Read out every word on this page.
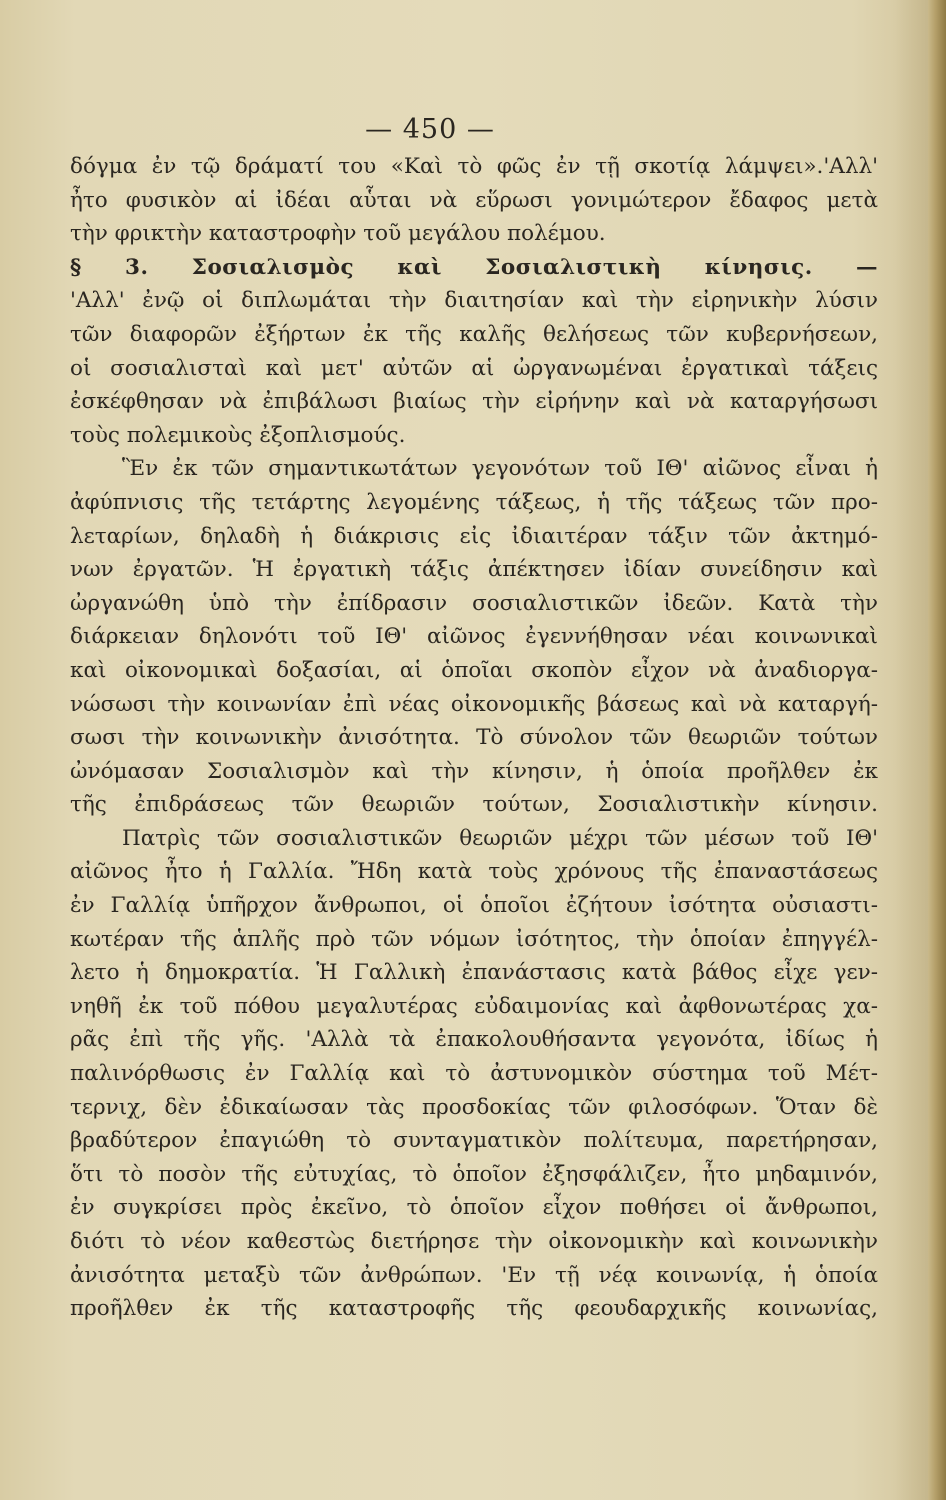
— 450 —
δόγμα ἐν τῷ δράματί του «Καὶ τὸ φῶς ἐν τῇ σκοτίᾳ λάμψει».'Αλλ'
ἦτο φυσικὸν αἱ ἰδέαι αὗται νὰ εὕρωσι γονιμώτερον ἔδαφος μετὰ
τὴν φρικτὴν καταστροφὴν τοῦ μεγάλου πολέμου.
§ 3. Σοσιαλισμὸς καὶ Σοσιαλιστικὴ κίνησις. —
'Αλλ' ἐνῷ οἱ διπλωμάται τὴν διαιτησίαν καὶ τὴν εἰρηνικὴν λύσιν
τῶν διαφορῶν ἐξήρτων ἐκ τῆς καλῆς θελήσεως τῶν κυβερνήσεων,
οἱ σοσιαλισταὶ καὶ μετ' αὐτῶν αἱ ὠργανωμέναι ἐργατικαὶ τάξεις
ἐσκέφθησαν νὰ ἐπιβάλωσι βιαίως τὴν εἰρήνην καὶ νὰ καταργήσωσι
τοὺς πολεμικοὺς ἐξοπλισμούς.
Ἓν ἐκ τῶν σημαντικωτάτων γεγονότων τοῦ ΙΘ' αἰῶνος εἶναι ἡ
ἀφύπνισις τῆς τετάρτης λεγομένης τάξεως, ἡ τῆς τάξεως τῶν προ-
λεταρίων, δηλαδὴ ἡ διάκρισις εἰς ἰδιαιτέραν τάξιν τῶν ἀκτημό-
νων ἐργατῶν. Ἡ ἐργατικὴ τάξις ἀπέκτησεν ἰδίαν συνείδησιν καὶ
ὠργανώθη ὑπὸ τὴν ἐπίδρασιν σοσιαλιστικῶν ἰδεῶν. Κατὰ τὴν
διάρκειαν δηλονότι τοῦ ΙΘ' αἰῶνος ἐγεννήθησαν νέαι κοινωνικαὶ
καὶ οἰκονομικαὶ δοξασίαι, αἱ ὁποῖαι σκοπὸν εἶχον νὰ ἀναδιοργα-
νώσωσι τὴν κοινωνίαν ἐπὶ νέας οἰκονομικῆς βάσεως καὶ νὰ καταργή-
σωσι τὴν κοινωνικὴν ἀνισότητα. Τὸ σύνολον τῶν θεωριῶν τούτων
ὠνόμασαν Σοσιαλισμὸν καὶ τὴν κίνησιν, ἡ ὁποία προῆλθεν ἐκ
τῆς ἐπιδράσεως τῶν θεωριῶν τούτων, Σοσιαλιστικὴν κίνησιν.
Πατρὶς τῶν σοσιαλιστικῶν θεωριῶν μέχρι τῶν μέσων τοῦ ΙΘ'
αἰῶνος ἦτο ἡ Γαλλία. Ἤδη κατὰ τοὺς χρόνους τῆς ἐπαναστάσεως
ἐν Γαλλίᾳ ὑπῆρχον ἄνθρωποι, οἱ ὁποῖοι ἐζήτουν ἰσότητα οὐσιαστι-
κωτέραν τῆς ἁπλῆς πρὸ τῶν νόμων ἰσότητος, τὴν ὁποίαν ἐπηγγέλ-
λετο ἡ δημοκρατία. Ἡ Γαλλικὴ ἐπανάστασις κατὰ βάθος εἶχε γεν-
νηθῆ ἐκ τοῦ πόθου μεγαλυτέρας εὐδαιμονίας καὶ ἀφθονωτέρας χα-
ρᾶς ἐπὶ τῆς γῆς. 'Αλλὰ τὰ ἐπακολουθήσαντα γεγονότα, ἰδίως ἡ
παλινόρθωσις ἐν Γαλλίᾳ καὶ τὸ ἀστυνομικὸν σύστημα τοῦ Μέτ-
τερνιχ, δὲν ἐδικαίωσαν τὰς προσδοκίας τῶν φιλοσόφων. Ὅταν δὲ
βραδύτερον ἐπαγιώθη τὸ συνταγματικὸν πολίτευμα, παρετήρησαν,
ὅτι τὸ ποσὸν τῆς εὐτυχίας, τὸ ὁποῖον ἐξησφάλιζεν, ἦτο μηδαμινόν,
ἐν συγκρίσει πρὸς ἐκεῖνο, τὸ ὁποῖον εἶχον ποθήσει οἱ ἄνθρωποι,
διότι τὸ νέον καθεστὼς διετήρησε τὴν οἰκονομικὴν καὶ κοινωνικὴν
ἀνισότητα μεταξὺ τῶν ἀνθρώπων. 'Εν τῇ νέᾳ κοινωνίᾳ, ἡ ὁποία
προῆλθεν ἐκ τῆς καταστροφῆς τῆς φεουδαρχικῆς κοινωνίας,
